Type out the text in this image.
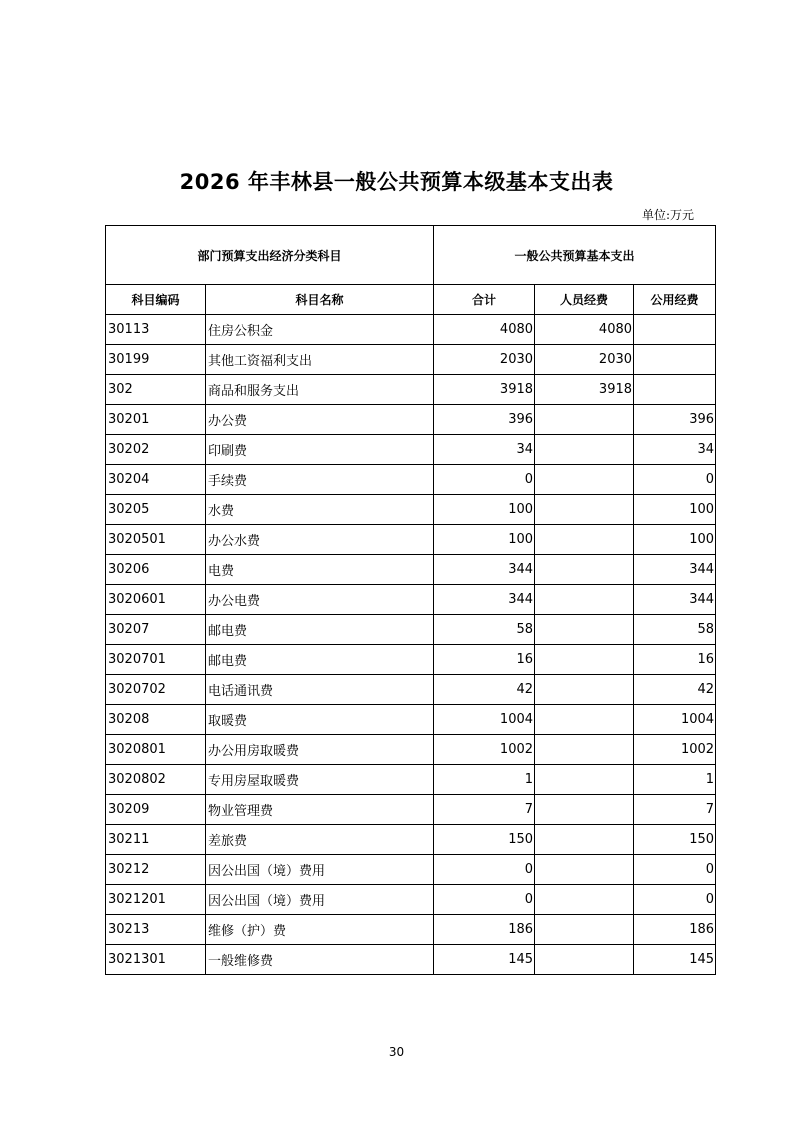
2026 年丰林县一般公共预算本级基本支出表
单位:万元
部门预算支出经济分类科目		一般公共预算基本支出		
科目编码	科目名称	合计	人员经费	公用经费
30113	住房公积金	4080	4080	
30199	其他工资福利支出	2030	2030	
302	商品和服务支出	3918	3918	
30201	办公费	396		396
30202	印刷费	34		34
30204	手续费	0		0
30205	水费	100		100
3020501	办公水费	100		100
30206	电费	344		344
3020601	办公电费	344		344
30207	邮电费	58		58
3020701	邮电费	16		16
3020702	电话通讯费	42		42
30208	取暖费	1004		1004
3020801	办公用房取暖费	1002		1002
3020802	专用房屋取暖费	1		1
30209	物业管理费	7		7
30211	差旅费	150		150
30212	因公出国（境）费用	0		0
3021201	因公出国（境）费用	0		0
30213	维修（护）费	186		186
3021301	一般维修费	145		145
30
